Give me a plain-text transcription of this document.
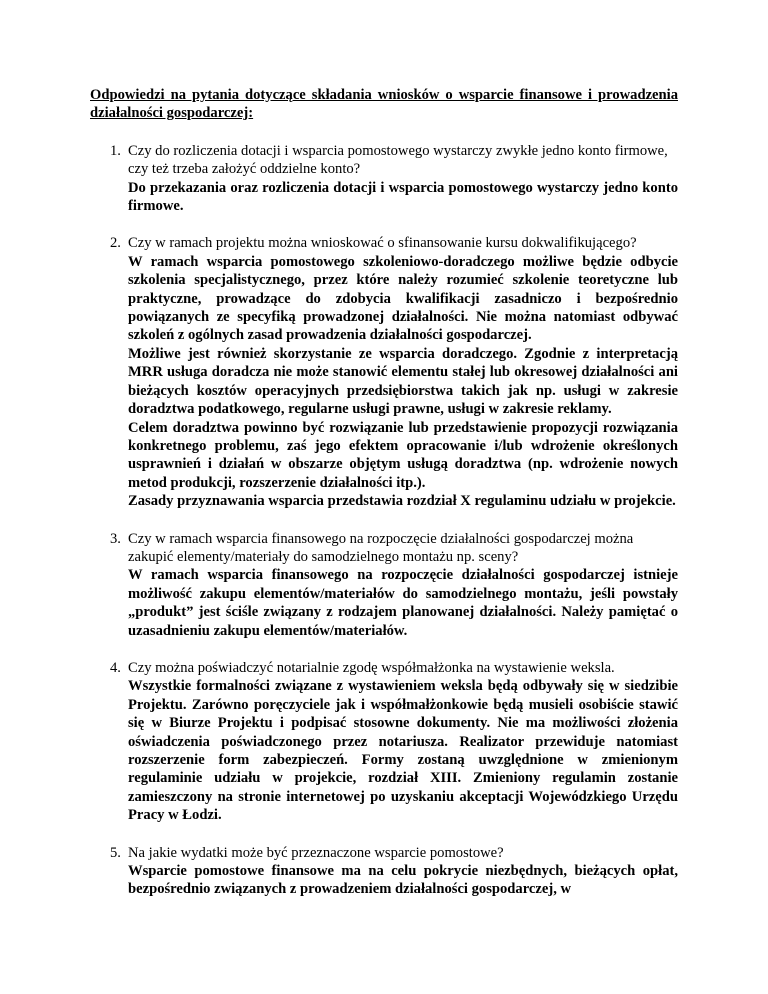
Odpowiedzi na pytania dotyczące składania wniosków o wsparcie finansowe i prowadzenia działalności gospodarczej:
1. Czy do rozliczenia dotacji i wsparcia pomostowego wystarczy zwykłe jedno konto firmowe, czy też trzeba założyć oddzielne konto?
Do przekazania oraz rozliczenia dotacji i wsparcia pomostowego wystarczy jedno konto firmowe.
2. Czy w ramach projektu można wnioskować o sfinansowanie kursu dokwalifikującego?
W ramach wsparcia pomostowego szkoleniowo-doradczego możliwe będzie odbycie szkolenia specjalistycznego, przez które należy rozumieć szkolenie teoretyczne lub praktyczne, prowadzące do zdobycia kwalifikacji zasadniczo i bezpośrednio powiązanych ze specyfiką prowadzonej działalności. Nie można natomiast odbywać szkoleń z ogólnych zasad prowadzenia działalności gospodarczej.
Możliwe jest również skorzystanie ze wsparcia doradczego. Zgodnie z interpretacją MRR usługa doradcza nie może stanowić elementu stałej lub okresowej działalności ani bieżących kosztów operacyjnych przedsiębiorstwa takich jak np. usługi w zakresie doradztwa podatkowego, regularne usługi prawne, usługi w zakresie reklamy.
Celem doradztwa powinno być rozwiązanie lub przedstawienie propozycji rozwiązania konkretnego problemu, zaś jego efektem opracowanie i/lub wdrożenie określonych usprawnień i działań w obszarze objętym usługą doradztwa (np. wdrożenie nowych metod produkcji, rozszerzenie działalności itp.).
Zasady przyznawania wsparcia przedstawia rozdział X regulaminu udziału w projekcie.
3. Czy w ramach wsparcia finansowego na rozpoczęcie działalności gospodarczej można zakupić elementy/materiały do samodzielnego montażu np. sceny?
W ramach wsparcia finansowego na rozpoczęcie działalności gospodarczej istnieje możliwość zakupu elementów/materiałów do samodzielnego montażu, jeśli powstały „produkt” jest ściśle związany z rodzajem planowanej działalności. Należy pamiętać o uzasadnieniu zakupu elementów/materiałów.
4. Czy można poświadczyć notarialnie zgodę współmałżonka na wystawienie weksla.
Wszystkie formalności związane z wystawieniem weksla będą odbywały się w siedzibie Projektu. Zarówno poręczyciele jak i współmałżonkowie będą musieli osobiście stawić się w Biurze Projektu i podpisać stosowne dokumenty. Nie ma możliwości złożenia oświadczenia poświadczonego przez notariusza. Realizator przewiduje natomiast rozszerzenie form zabezpieczeń. Formy zostaną uwzględnione w zmienionym regulaminie udziału w projekcie, rozdział XIII. Zmieniony regulamin zostanie zamieszczony na stronie internetowej po uzyskaniu akceptacji Wojewódzkiego Urzędu Pracy w Łodzi.
5. Na jakie wydatki może być przeznaczone wsparcie pomostowe?
Wsparcie pomostowe finansowe ma na celu pokrycie niezbędnych, bieżących opłat, bezpośrednio związanych z prowadzeniem działalności gospodarczej, w
